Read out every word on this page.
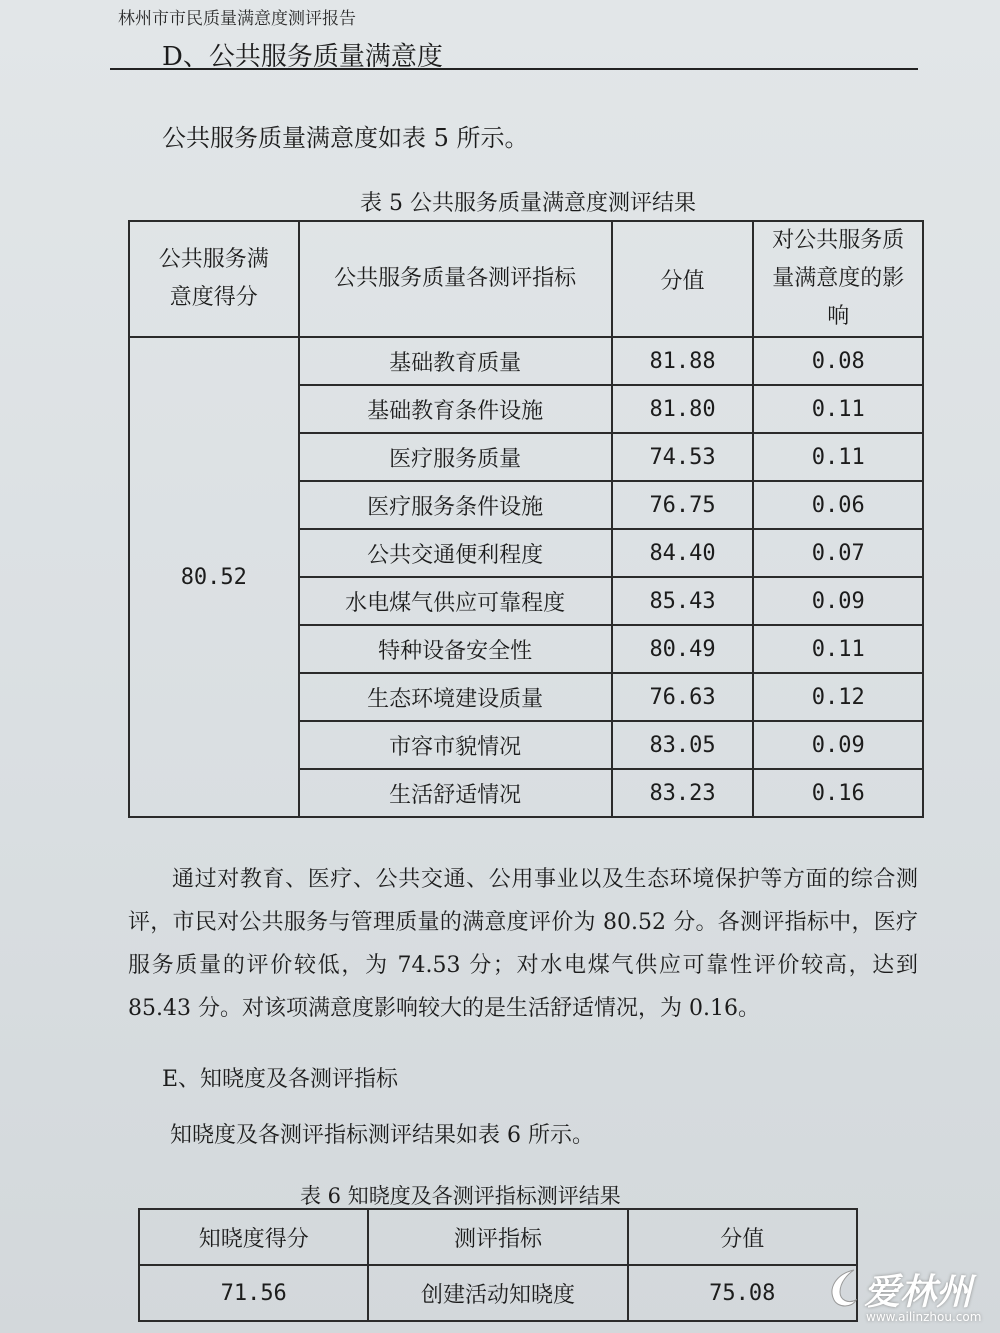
林州市市民质量满意度测评报告
D、公共服务质量满意度
公共服务质量满意度如表 5 所示。
表 5 公共服务质量满意度测评结果
公共服务满意度得分	公共服务质量各测评指标	分值	对公共服务质量满意度的影响
80.52	基础教育质量	81.88	0.08
	基础教育条件设施	81.80	0.11
	医疗服务质量	74.53	0.11
	医疗服务条件设施	76.75	0.06
	公共交通便利程度	84.40	0.07
	水电煤气供应可靠程度	85.43	0.09
	特种设备安全性	80.49	0.11
	生态环境建设质量	76.63	0.12
	市容市貌情况	83.05	0.09
	生活舒适情况	83.23	0.16
通过对教育、医疗、公共交通、公用事业以及生态环境保护等方面的综合测评，市民对公共服务与管理质量的满意度评价为 80.52 分。各测评指标中，医疗服务质量的评价较低，为 74.53 分；对水电煤气供应可靠性评价较高，达到 85.43 分。对该项满意度影响较大的是生活舒适情况，为 0.16。
E、知晓度及各测评指标
知晓度及各测评指标测评结果如表 6 所示。
表 6 知晓度及各测评指标测评结果
知晓度得分	测评指标	分值
71.56	创建活动知晓度	75.08 爱林州
www.ailinzhou.com
